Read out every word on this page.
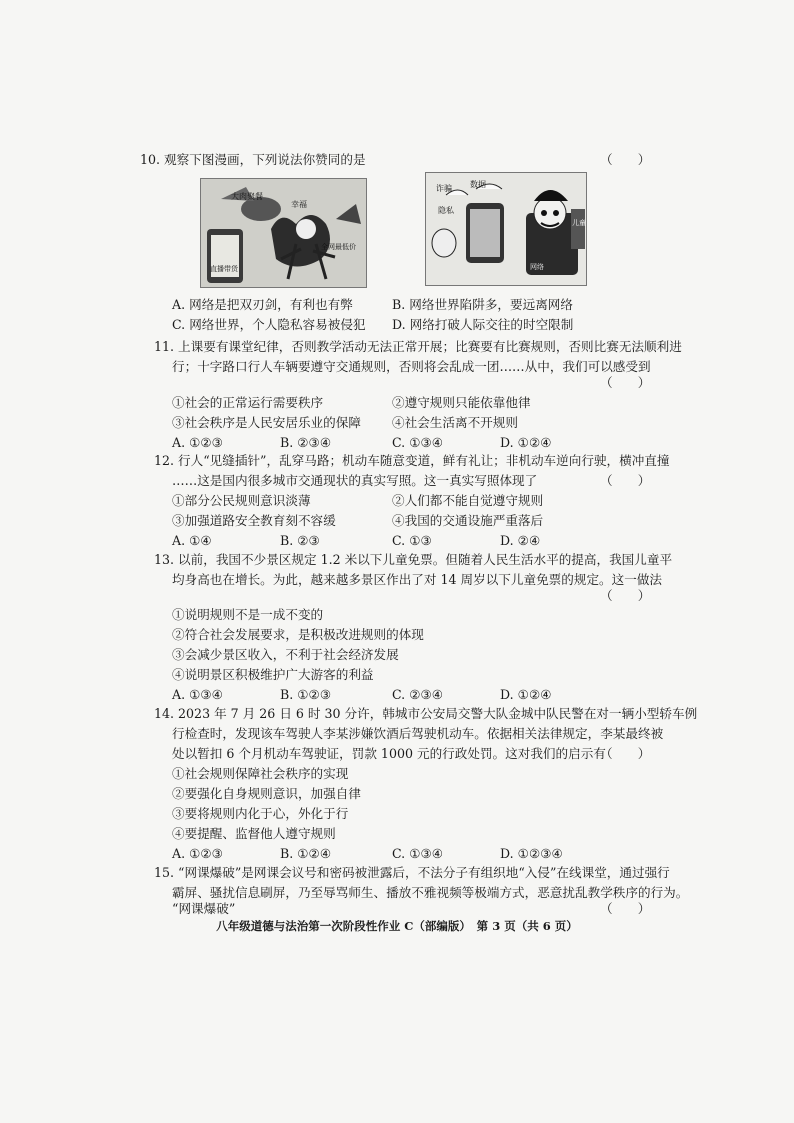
10. 观察下图漫画，下列说法你赞同的是	（　　）
大肉聚餐
直播带货
幸福
全网最低价
诈骗 数据
隐私
网络
儿童
A. 网络是把双刃剑，有利也有弊	B. 网络世界陷阱多，要远离网络
C. 网络世界，个人隐私容易被侵犯 D. 网络打破人际交往的时空限制
11. 上课要有课堂纪律，否则教学活动无法正常开展；比赛要有比赛规则，否则比赛无法顺利进
行；十字路口行人车辆要遵守交通规则，否则将会乱成一团……从中，我们可以感受到
（　　）
①社会的正常运行需要秩序	②遵守规则只能依靠他律
③社会秩序是人民安居乐业的保障 ④社会生活离不开规则
A. ①②③	B. ②③④	C. ①③④	D. ①②④
12. 行人“见缝插针”，乱穿马路；机动车随意变道，鲜有礼让；非机动车逆向行驶，横冲直撞
……这是国内很多城市交通现状的真实写照。这一真实写照体现了	（　　）
①部分公民规则意识淡薄	②人们都不能自觉遵守规则
③加强道路安全教育刻不容缓	④我国的交通设施严重落后
A. ①④	B. ②③	C. ①③	D. ②④
13. 以前，我国不少景区规定 1.2 米以下儿童免票。但随着人民生活水平的提高，我国儿童平
均身高也在增长。为此，越来越多景区作出了对 14 周岁以下儿童免票的规定。这一做法
（　　）
①说明规则不是一成不变的
②符合社会发展要求，是积极改进规则的体现
③会减少景区收入，不利于社会经济发展
④说明景区积极维护广大游客的利益
A. ①③④	B. ①②③	C. ②③④	D. ①②④
14. 2023 年 7 月 26 日 6 时 30 分许，韩城市公安局交警大队金城中队民警在对一辆小型轿车例
行检查时，发现该车驾驶人李某涉嫌饮酒后驾驶机动车。依据相关法律规定，李某最终被
处以暂扣 6 个月机动车驾驶证，罚款 1000 元的行政处罚。这对我们的启示有
（　　）
①社会规则保障社会秩序的实现
②要强化自身规则意识，加强自律
③要将规则内化于心，外化于行
④要提醒、监督他人遵守规则
A. ①②③	B. ①②④	C. ①③④	D. ①②③④
15. “网课爆破”是网课会议号和密码被泄露后，不法分子有组织地“入侵”在线课堂，通过强行
霸屏、骚扰信息刷屏，乃至辱骂师生、播放不雅视频等极端方式，恶意扰乱教学秩序的行为。
“网课爆破”	（　　）
八年级道德与法治第一次阶段性作业 C（部编版）　第 3 页（共 6 页）
